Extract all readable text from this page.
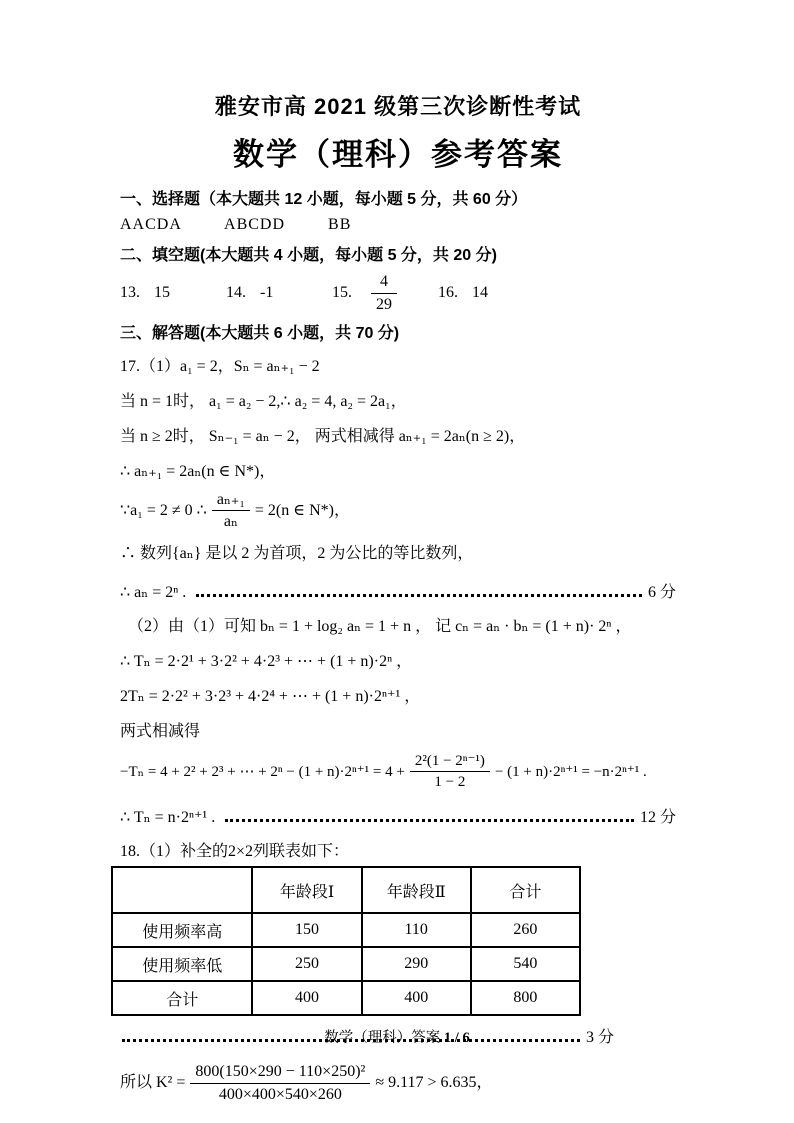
雅安市高 2021 级第三次诊断性考试
数学（理科）参考答案
一、选择题（本大题共 12 小题，每小题 5 分，共 60 分）
AACDA	ABCDD	BB
二、填空题(本大题共 4 小题，每小题 5 分，共 20 分)
13. 15	14. -1	15. $\frac{4}{29}$	16. 14
三、解答题(本大题共 6 小题，共 70 分)
17.（1）a₁ = 2，Sₙ = aₙ₊₁ − 2
当 n = 1时， a₁ = a₂ − 2,∴ a₂ = 4, a₂ = 2a₁，
当 n ≥ 2时， Sₙ₋₁ = aₙ − 2， 两式相减得 aₙ₊₁ = 2aₙ(n ≥ 2)，
∴ aₙ₊₁ = 2aₙ(n ∈ N*)，
∵a₁ = 2 ≠ 0 ∴ $\frac{\text{aₙ₊₁}}{\text{aₙ}} = 2(n$ ∈ N*)，
∴ 数列{aₙ} 是以 2 为首项，2 为公比的等比数列，
∴ aₙ = 2ⁿ .	6 分
（2）由（1）可知 bₙ = 1 + log₂ aₙ = 1 + n ， 记 cₙ = aₙ · bₙ = (1 + n)· 2ⁿ ，
∴ Tₙ = 2·2¹ + 3·2² + 4·2³ + ⋯ + (1 + n)·2ⁿ ，
2Tₙ = 2·2² + 3·2³ + 4·2⁴ + ⋯ + (1 + n)·2ⁿ⁺¹ ，
两式相减得
−Tₙ = 4 + 2² + 2³ + ⋯ + $2^n - (1 + n)\cdot 2^{n+1} = 4 + \frac{\text{2²(1 − 2ⁿ⁻¹)}}{1 - 2} - (1 + n)\cdot 2^{n+1} = -n\cdot 2^{n+1}$ .
∴ Tₙ = n·2ⁿ⁺¹ .	12 分
18.（1）补全的2×2列联表如下：
	年龄段Ⅰ	年龄段Ⅱ	合计
使用频率高	150	110	260
使用频率低	250	290	540
合计	400	400	800
3 分
所以 $K^2 = \frac{\text{800(150×290 − 110×250)²}}{400\times 400\times 540\times 260} \approx 9.117 > 6.635$，
数学（理科）答案 1 / 6
